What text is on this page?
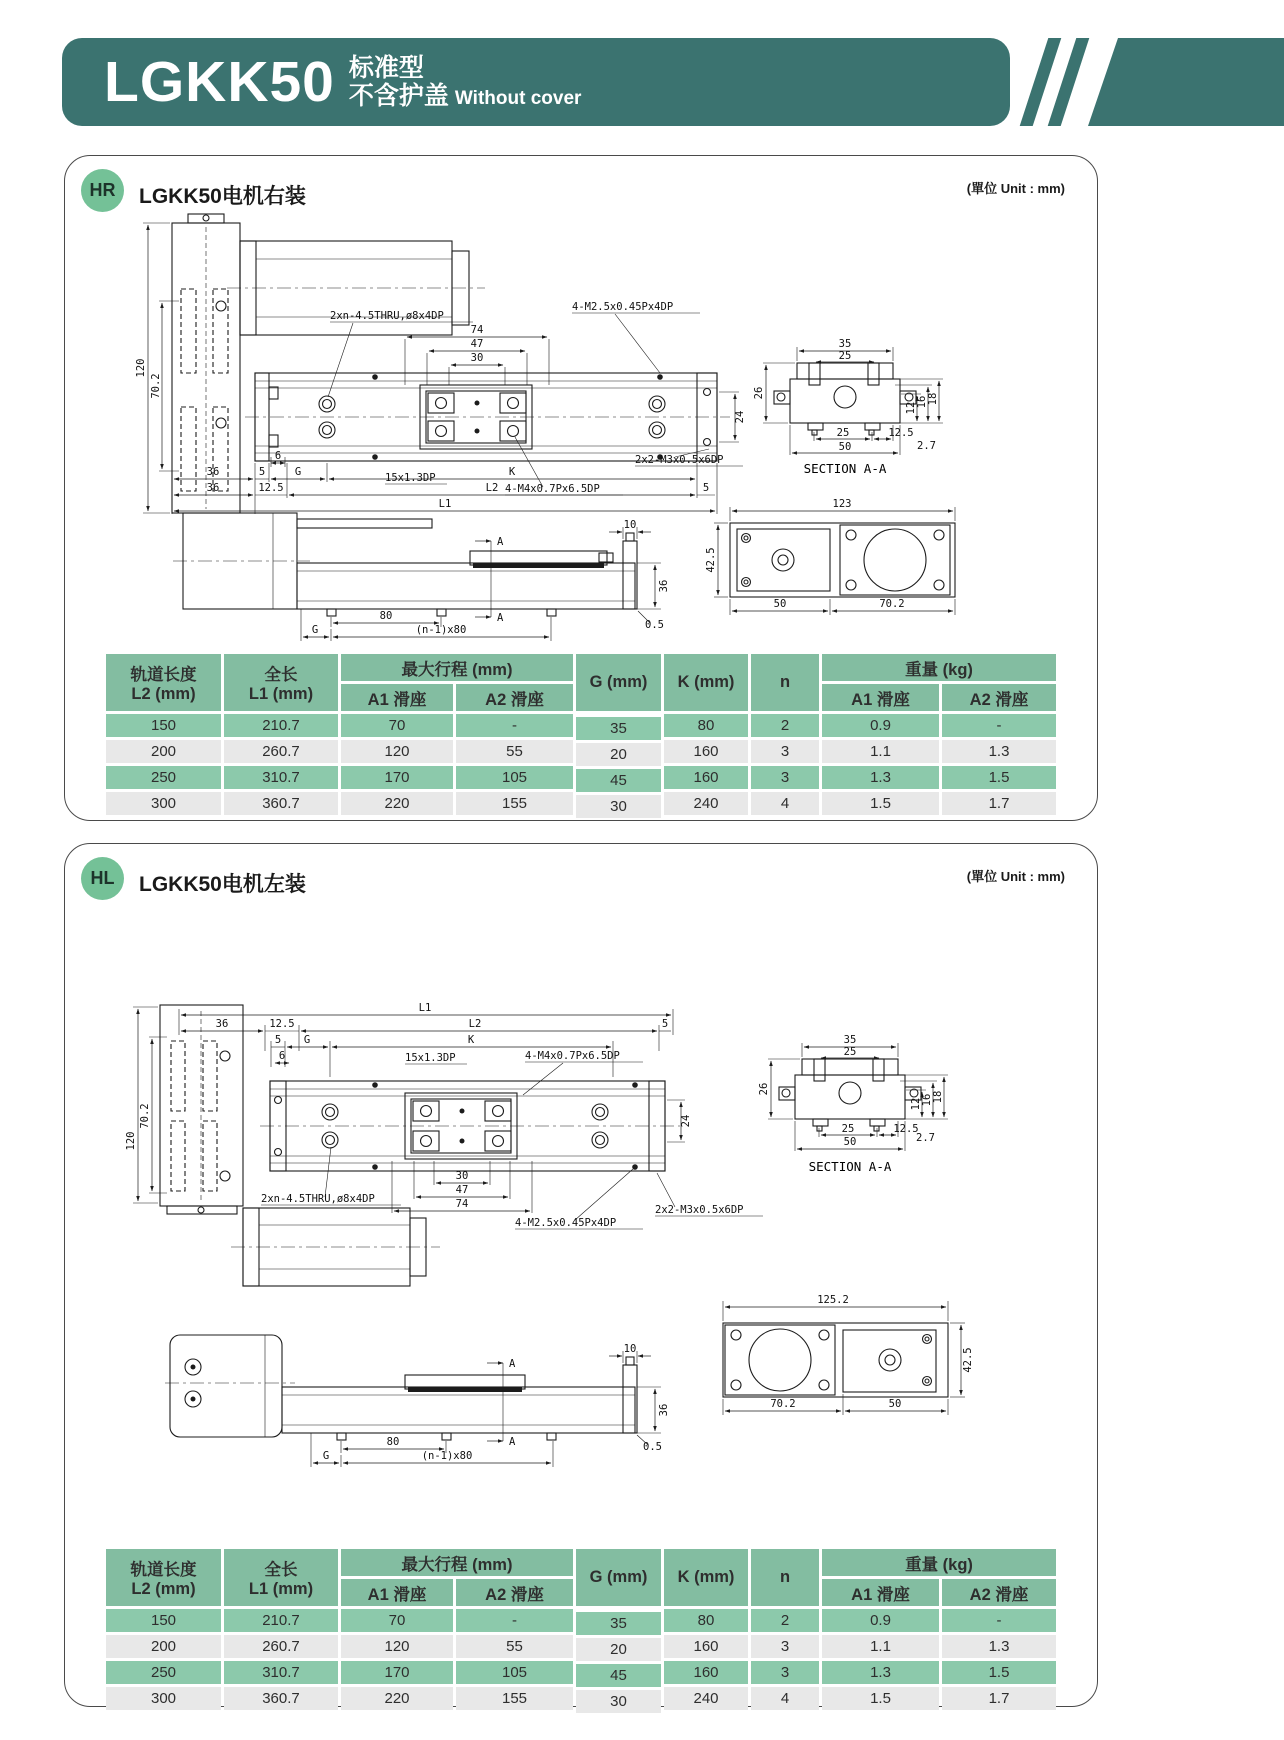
LGKK50 标准型
不含护盖 Without cover
HR	LGKK50电机右装	(單位 Unit : mm)
120
70.2
30
47
74
2xn-4.5THRU,ø8x4DP
4-M2.5x0.45Px4DP
15x1.3DP
4-M4x0.7Px6.5DP
2x2-M3x0.5x6DP
24
6
36	5	G	K
36	12.5	L2	5
L1
35
25
26
12 16 18
25	12.5
2.7
50
SECTION A-A
10
A
A
36
0.5
80
G	(n-1)x80
123
42.5
50	70.2
轨道长度
L2 (mm)	全长
L1 (mm)	最大行程 (mm)		G (mm)	K (mm)	n	重量 (kg)	
		A1 滑座	A2 滑座				A1 滑座	A2 滑座
150	210.7	70	-	35	80	2	0.9	-
200	260.7	120	55	20	160	3	1.1	1.3
250	310.7	170	105	45	160	3	1.3	1.5
300	360.7	220	155	30	240	4	1.5	1.7
HL	LGKK50电机左装	(單位 Unit : mm)
L1
36	12.5	L2	5
5 G	K
6	15x1.3DP	4-M4x0.7Px6.5DP
24
30
47
74
2xn-4.5THRU,ø8x4DP
4-M2.5x0.45Px4DP
2x2-M3x0.5x6DP
120
70.2
35
25
26
12 16 18
25	12.5
2.7
50
SECTION A-A
10
A
A
36
0.5
80
G	(n-1)x80
125.2
42.5
70.2	50
轨道长度
L2 (mm)	全长
L1 (mm)	最大行程 (mm)		G (mm)	K (mm)	n	重量 (kg)	
		A1 滑座	A2 滑座				A1 滑座	A2 滑座
150	210.7	70	-	35	80	2	0.9	-
200	260.7	120	55	20	160	3	1.1	1.3
250	310.7	170	105	45	160	3	1.3	1.5
300	360.7	220	155	30	240	4	1.5	1.7
